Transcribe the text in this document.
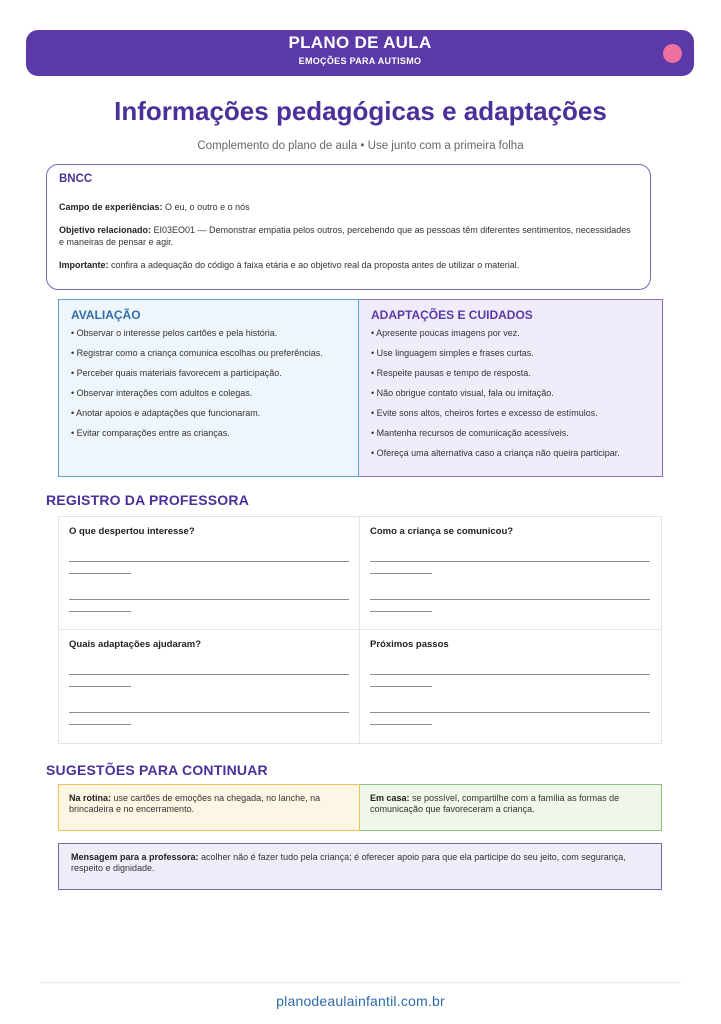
PLANO DE AULA
EMOÇÕES PARA AUTISMO
Informações pedagógicas e adaptações
Complemento do plano de aula • Use junto com a primeira folha
BNCC
Campo de experiências: O eu, o outro e o nós
Objetivo relacionado: EI03EO01 — Demonstrar empatia pelos outros, percebendo que as pessoas têm diferentes sentimentos, necessidades e maneiras de pensar e agir.
Importante: confira a adequação do código à faixa etária e ao objetivo real da proposta antes de utilizar o material.
AVALIAÇÃO
• Observar o interesse pelos cartões e pela história.
• Registrar como a criança comunica escolhas ou preferências.
• Perceber quais materiais favorecem a participação.
• Observar interações com adultos e colegas.
• Anotar apoios e adaptações que funcionaram.
• Evitar comparações entre as crianças.
ADAPTAÇÕES E CUIDADOS
• Apresente poucas imagens por vez.
• Use linguagem simples e frases curtas.
• Respeite pausas e tempo de resposta.
• Não obrigue contato visual, fala ou imitação.
• Evite sons altos, cheiros fortes e excesso de estímulos.
• Mantenha recursos de comunicação acessíveis.
• Ofereça uma alternativa caso a criança não queira participar.
REGISTRO DA PROFESSORA
O que despertou interesse?	Como a criança se comunicou?
Quais adaptações ajudaram?	Próximos passos
SUGESTÕES PARA CONTINUAR
Na rotina: use cartões de emoções na chegada, no lanche, na brincadeira e no encerramento.
Em casa: se possível, compartilhe com a família as formas de comunicação que favoreceram a criança.
Mensagem para a professora: acolher não é fazer tudo pela criança; é oferecer apoio para que ela participe do seu jeito, com segurança, respeito e dignidade.
planodeaulainfantil.com.br
